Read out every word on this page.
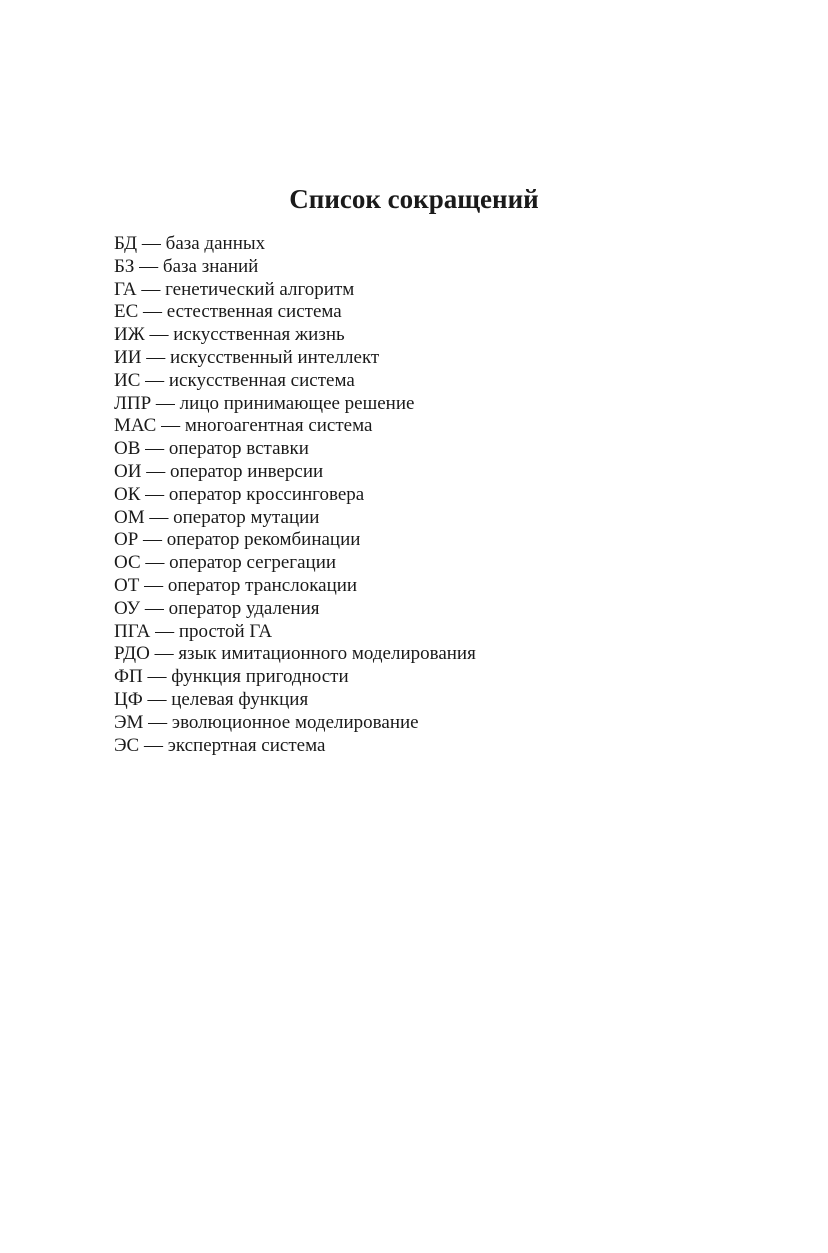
Список сокращений
БД — база данных
БЗ — база знаний
ГА — генетический алгоритм
ЕС — естественная система
ИЖ — искусственная жизнь
ИИ — искусственный интеллект
ИС — искусственная система
ЛПР — лицо принимающее решение
МАС — многоагентная система
ОВ — оператор вставки
ОИ — оператор инверсии
ОК — оператор кроссинговера
ОМ — оператор мутации
ОР — оператор рекомбинации
ОС — оператор сегрегации
ОТ — оператор транслокации
ОУ — оператор удаления
ПГА — простой ГА
РДО — язык имитационного моделирования
ФП — функция пригодности
ЦФ — целевая функция
ЭМ — эволюционное моделирование
ЭС — экспертная система
